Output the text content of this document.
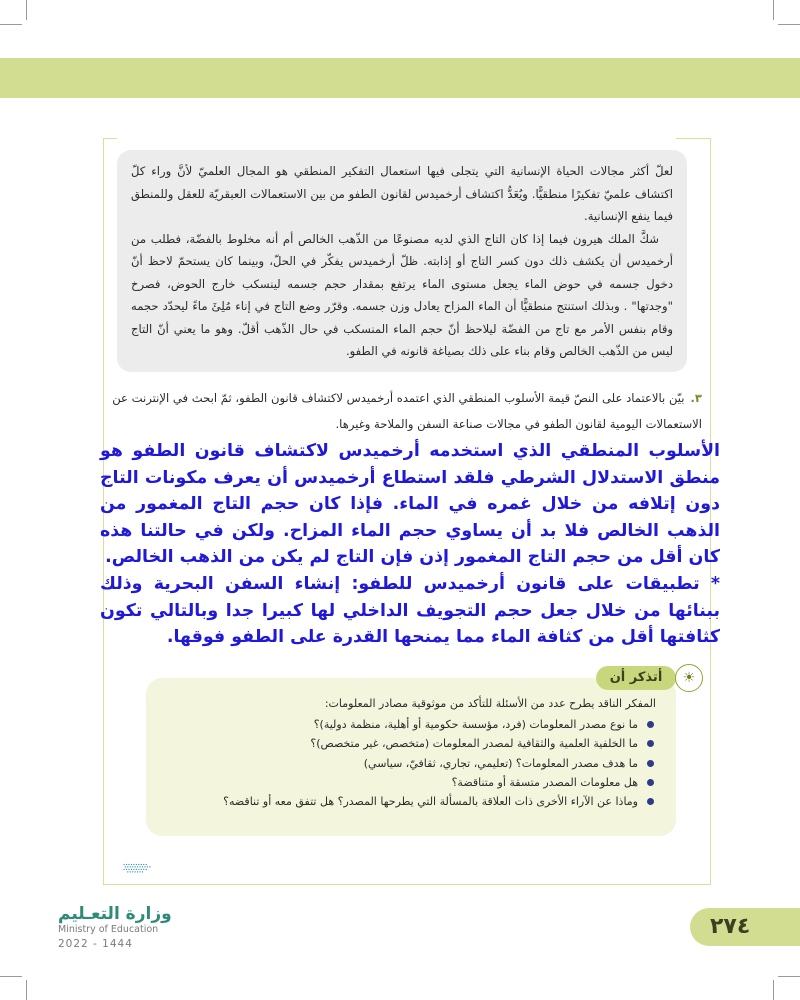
لعلّ أكثر مجالات الحياة الإنسانية التي يتجلى فيها استعمال التفكير المنطقي هو المجال العلميّ لأنَّ وراء كلّ اكتشاف علميّ تفكيرًا منطقيًّا. ويُعَدُّ اكتشاف أرخميدس لقانون الطفو من بين الاستعمالات العبقريّة للعقل وللمنطق فيما ينفع الإنسانية.

شكَّ الملك هيرون فيما إذا كان التاج الذي لديه مصنوعًا من الذّهب الخالص أم أنه مخلوط بالفضّة، فطلب من أرخميدس أن يكشف ذلك دون كسر التاج أو إذابته. ظلّ أرخميدس يفكّر في الحلّ، وبينما كان يستحمّ لاحظ أنّ دخول جسمه في حوض الماء يجعل مستوى الماء يرتفع بمقدار حجم جسمه لينسكب خارج الحوض، فصرخ "وجدتها" . وبذلك استنتج منطقيًّا أن الماء المزاح يعادل وزن جسمه. وقرّر وضع التاج في إناء مُلِئَ ماءً ليحدّد حجمه وقام بنفس الأمر مع تاج من الفضّة ليلاحظ أنّ حجم الماء المنسكب في حال الذّهب أقلّ. وهو ما يعني أنّ التاج ليس من الذّهب الخالص وقام بناء على ذلك بصياغة قانونه في الطفو.

٣.بيّن بالاعتماد على النصّ قيمة الأسلوب المنطقي الذي اعتمده أرخميدس لاكتشاف قانون الطفو، ثمّ ابحث في الإنترنت عن الاستعمالات اليومية لقانون الطفو في مجالات صناعة السفن والملاحة وغيرها.

الأسلوب المنطقي الذي استخدمه أرخميدس لاكتشاف قانون الطفو هو منطق الاستدلال الشرطي فلقد استطاع أرخميدس أن يعرف مكونات التاج دون إتلافه من خلال غمره في الماء. فإذا كان حجم التاج المغمور من الذهب الخالص فلا بد أن يساوي حجم الماء المزاح. ولكن في حالتنا هذه كان أقل من حجم التاج المغمور إذن فإن التاج لم يكن من الذهب الخالص.

* تطبيقات على قانون أرخميدس للطفو: إنشاء السفن البحرية وذلك ببنائها من خلال جعل حجم التجويف الداخلي لها كبيرا جدا وبالتالي تكون كثافتها أقل من كثافة الماء مما يمنحها القدرة على الطفو فوقها.

المفكر الناقد يطرح عدد من الأسئلة للتأكد من موثوقية مصادر المعلومات:

ما نوع مصدر المعلومات (فرد، مؤسسة حكومية أو أهلية، منظمة دولية)؟
ما الخلفية العلمية والثقافية لمصدر المعلومات (متخصص، غير متخصص)؟
ما هدف مصدر المعلومات؟ (تعليمي، تجاري، ثقافيّ، سياسي)
هل معلومات المصدر متسقة أو متناقضة؟
وماذا عن الآراء الأخرى ذات العلاقة بالمسألة التي يطرحها المصدر؟ هل تتفق معه أو تناقضه؟
أتذكر أن	☀
وزارة التعـليم
Ministry of Education
2022 - 1444
٢٧٤
